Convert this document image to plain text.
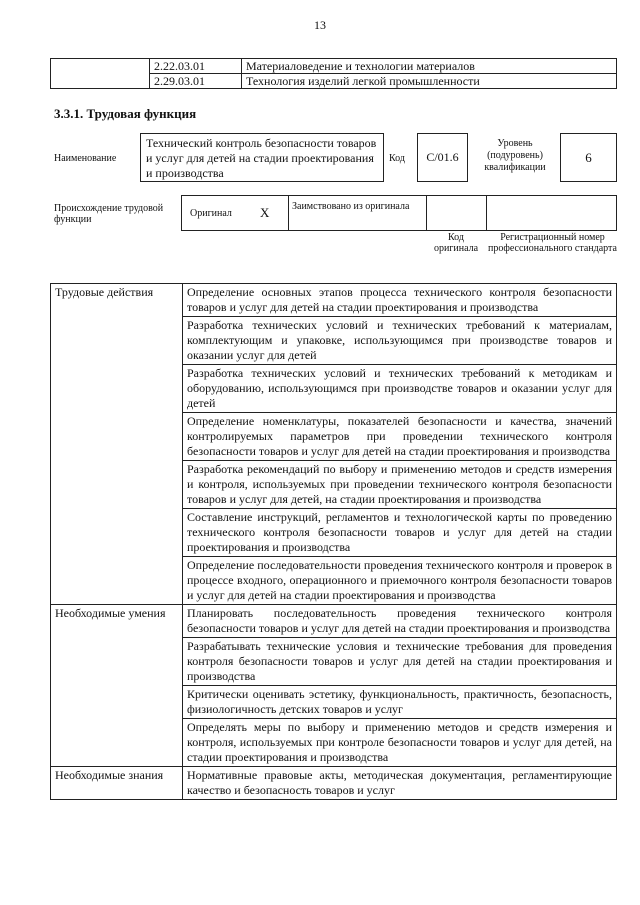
13
	2.22.03.01	Материаловедение и технологии материалов
	2.29.03.01	Технология изделий легкой промышленности
3.3.1. Трудовая функция
Наименование
Технический контроль безопасности товаров и услуг для детей на стадии проектирования и производства
Код С/01.6
Уровень (подуровень) квалификации
6
Происхождение трудовой функции
Оригинал X Заимствовано из оригинала
Код оригинала
Регистрационный номер профессионального стандарта
Трудовые действия	Определение основных этапов процесса технического контроля безопасности товаров и услуг для детей на стадии проектирования и производства
	Разработка технических условий и технических требований к материалам, комплектующим и упаковке, использующимся при производстве товаров и оказании услуг для детей
	Разработка технических условий и технических требований к методикам и оборудованию, использующимся при производстве товаров и оказании услуг для детей
	Определение номенклатуры, показателей безопасности и качества, значений контролируемых параметров при проведении технического контроля безопасности товаров и услуг для детей на стадии проектирования и производства
	Разработка рекомендаций по выбору и применению методов и средств измерения и контроля, используемых при проведении технического контроля безопасности товаров и услуг для детей, на стадии проектирования и производства
	Составление инструкций, регламентов и технологической карты по проведению технического контроля безопасности товаров и услуг для детей на стадии проектирования и производства
	Определение последовательности проведения технического контроля и проверок в процессе входного, операционного и приемочного контроля безопасности товаров и услуг для детей на стадии проектирования и производства
Необходимые умения	Планировать последовательность проведения технического контроля безопасности товаров и услуг для детей на стадии проектирования и производства
	Разрабатывать технические условия и технические требования для проведения контроля безопасности товаров и услуг для детей на стадии проектирования и производства
	Критически оценивать эстетику, функциональность, практичность, безопасность, физиологичность детских товаров и услуг
	Определять меры по выбору и применению методов и средств измерения и контроля, используемых при контроле безопасности товаров и услуг для детей, на стадии проектирования и производства
Необходимые знания	Нормативные правовые акты, методическая документация, регламентирующие качество и безопасность товаров и услуг
